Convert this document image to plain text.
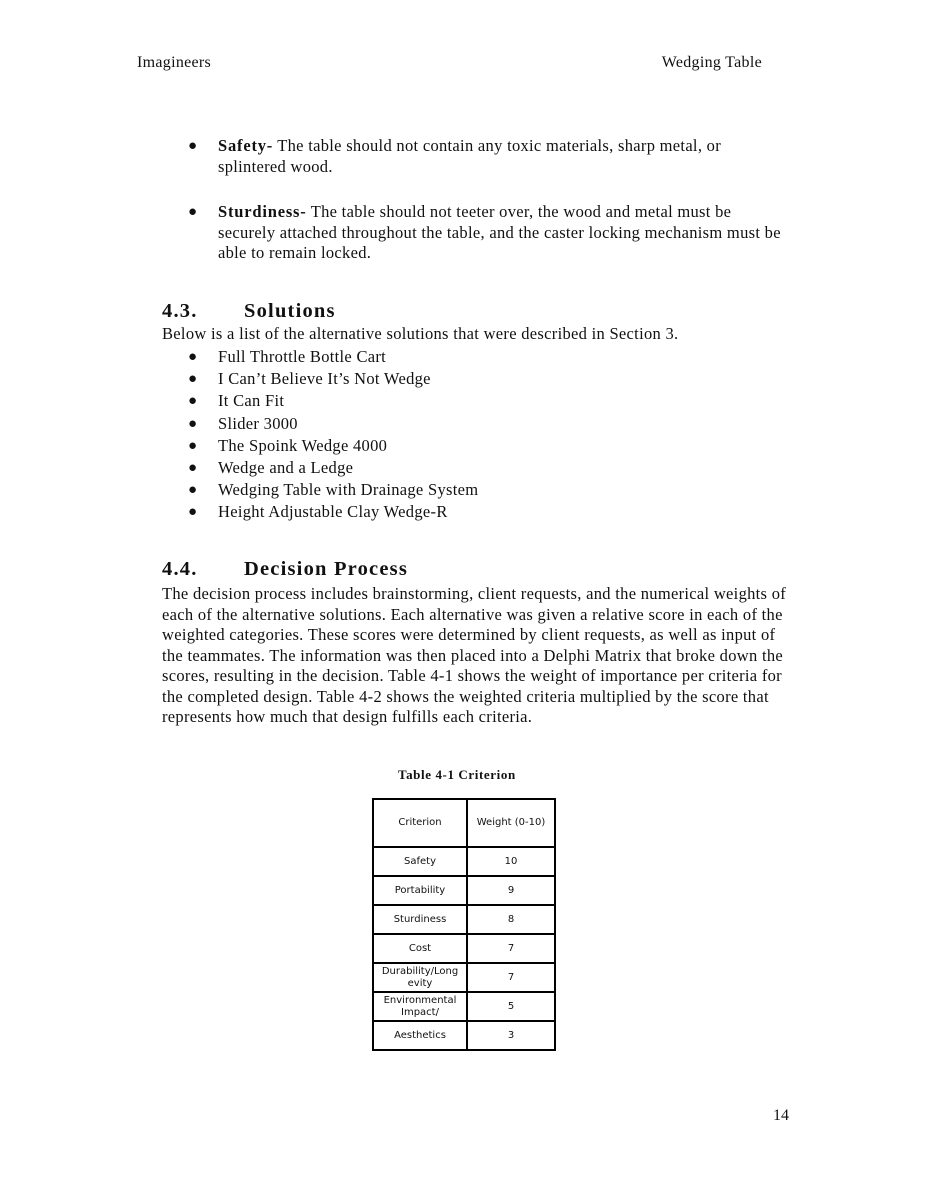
Imagineers	Wedging Table
● Safety- The table should not contain any toxic materials, sharp metal, or splintered wood.
● Sturdiness- The table should not teeter over, the wood and metal must be securely attached throughout the table, and the caster locking mechanism must be able to remain locked.
4.3. Solutions

Below is a list of the alternative solutions that were described in Section 3.

● Full Throttle Bottle Cart
● I Can’t Believe It’s Not Wedge
● It Can Fit
● Slider 3000
● The Spoink Wedge 4000
● Wedge and a Ledge
● Wedging Table with Drainage System
● Height Adjustable Clay Wedge-R
4.4. Decision Process

The decision process includes brainstorming, client requests, and the numerical weights of each of the alternative solutions. Each alternative was given a relative score in each of the weighted categories. These scores were determined by client requests, as well as input of the teammates. The information was then placed into a Delphi Matrix that broke down the scores, resulting in the decision. Table 4-1 shows the weight of importance per criteria for the completed design. Table 4-2 shows the weighted criteria multiplied by the score that represents how much that design fulfills each criteria.

Table 4-1 Criterion
Criterion	Weight (0-10)
Safety	10
Portability	9
Sturdiness	8
Cost	7
Durability/Long evity	7
Environmental Impact/	5
Aesthetics	3
14
